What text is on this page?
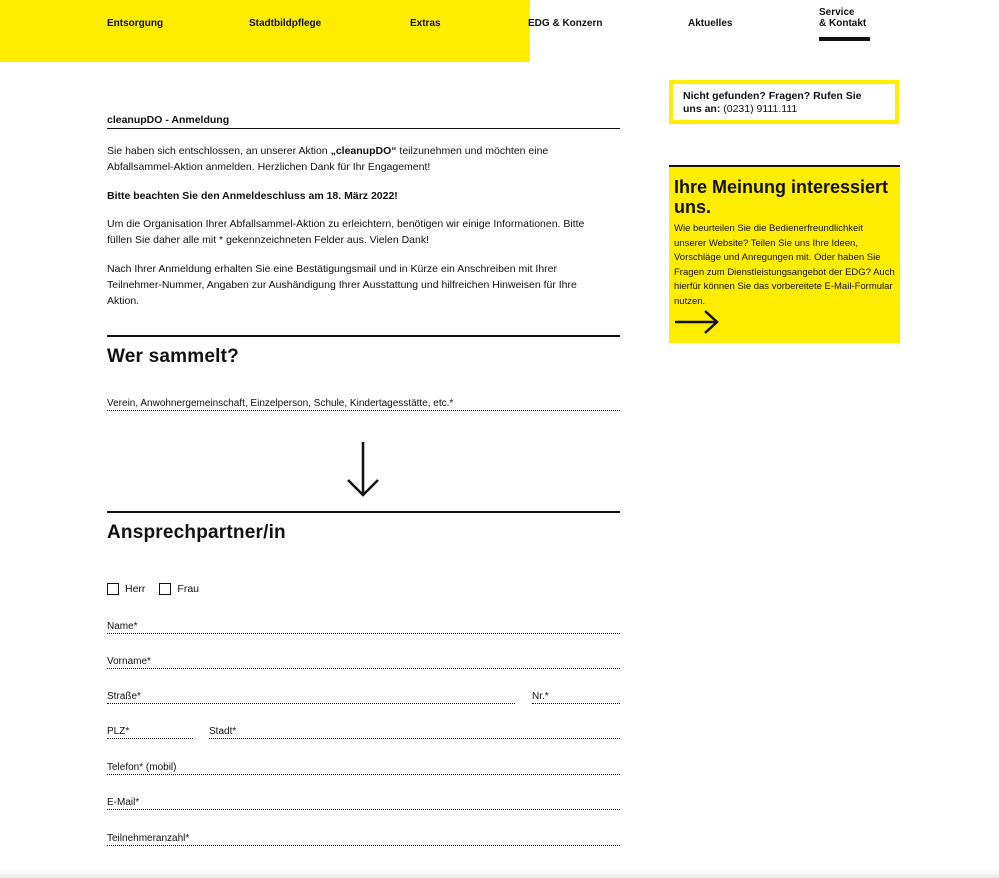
Entsorgung	Stadtbildpflege	Extras	EDG & Konzern	Aktuelles
Service
& Kontakt
cleanupDO - Anmeldung
Sie haben sich entschlossen, an unserer Aktion „cleanupDO“ teilzunehmen und möchten eine Abfallsammel-Aktion anmelden. Herzlichen Dank für Ihr Engagement!
Bitte beachten Sie den Anmeldeschluss am 18. März 2022!
Um die Organisation Ihrer Abfallsammel-Aktion zu erleichtern, benötigen wir einige Informationen. Bitte füllen Sie daher alle mit * gekennzeichneten Felder aus. Vielen Dank!
Nach Ihrer Anmeldung erhalten Sie eine Bestätigungsmail und in Kürze ein Anschreiben mit Ihrer Teilnehmer-Nummer, Angaben zur Aushändigung Ihrer Ausstattung und hilfreichen Hinweisen für Ihre Aktion.
Wer sammelt?
Verein, Anwohnergemeinschaft, Einzelperson, Schule, Kindertagesstätte, etc.*
Ansprechpartner/in
Herr	Frau
Name*
Vorname*
Straße*	Nr.*
PLZ*	Stadt*
Telefon* (mobil)
E-Mail*
Teilnehmeranzahl*
Nicht gefunden? Fragen? Rufen Sie uns an: (0231) 9111.111
Ihre Meinung interessiert uns.
Wie beurteilen Sie die Bedienerfreundlichkeit unserer Website? Teilen Sie uns Ihre Ideen, Vorschläge und Anregungen mit. Oder haben Sie Fragen zum Dienstleistungsangebot der EDG? Auch hierfür können Sie das vorbereitete E-Mail-Formular nutzen.
